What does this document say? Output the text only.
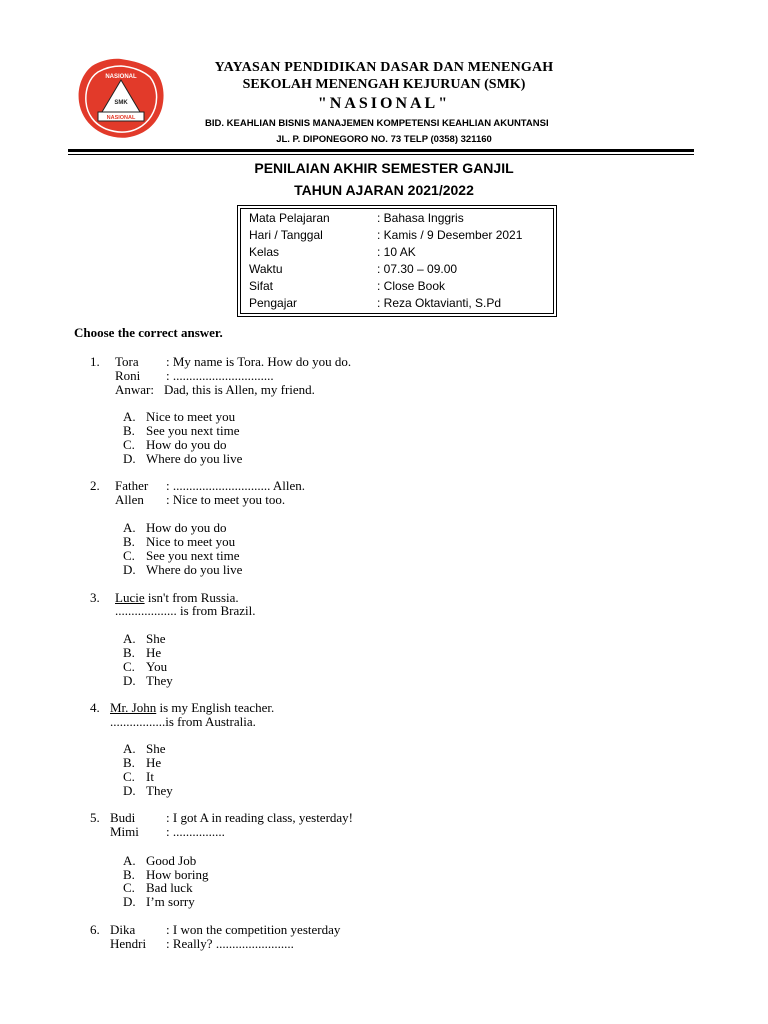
NASIONAL
SMK
NASIONAL
YAYASAN PENDIDIKAN DASAR DAN MENENGAH
SEKOLAH MENENGAH KEJURUAN (SMK)
"NASIONAL"
BID. KEAHLIAN BISNIS MANAJEMEN KOMPETENSI KEAHLIAN AKUNTANSI
JL. P. DIPONEGORO NO. 73 TELP (0358) 321160
PENILAIAN AKHIR SEMESTER GANJIL
TAHUN AJARAN 2021/2022
Mata Pelajaran	: Bahasa Inggris
Hari / Tanggal	: Kamis / 9 Desember 2021
Kelas	: 10 AK
Waktu	: 07.30 – 09.00
Sifat	: Close Book
Pengajar	: Reza Oktavianti, S.Pd
Choose the correct answer.
1. Tora : My name is Tora. How do you do.
Roni : ...............................
Anwar: Dad, this is Allen, my friend.
A. Nice to meet you
B. See you next time
C. How do you do
D. Where do you live
2. Father : .............................. Allen.
Allen : Nice to meet you too.
A. How do you do
B. Nice to meet you
C. See you next time
D. Where do you live
3. Lucie isn't from Russia.
................... is from Brazil.
A. She
B. He
C. You
D. They
4. Mr. John is my English teacher.
.................is from Australia.
A. She
B. He
C. It
D. They
5. Budi : I got A in reading class, yesterday!
Mimi : ................
A. Good Job
B. How boring
C. Bad luck
D. I’m sorry
6. Dika : I won the competition yesterday
Hendri : Really? ........................
